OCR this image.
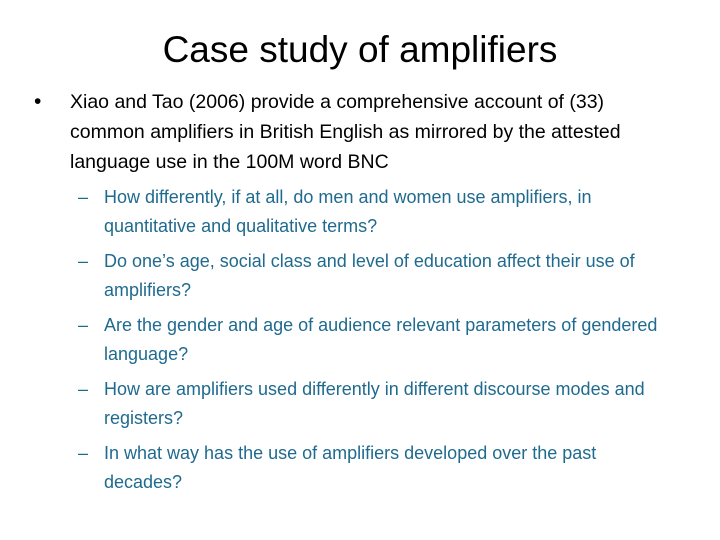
Case study of amplifiers
•	Xiao and Tao (2006) provide a comprehensive account of (33) common amplifiers in British English as mirrored by the attested language use in the 100M word BNC
– How differently, if at all, do men and women use amplifiers, in quantitative and qualitative terms?
– Do one’s age, social class and level of education affect their use of amplifiers?
– Are the gender and age of audience relevant parameters of gendered language?
– How are amplifiers used differently in different discourse modes and registers?
– In what way has the use of amplifiers developed over the past decades?
